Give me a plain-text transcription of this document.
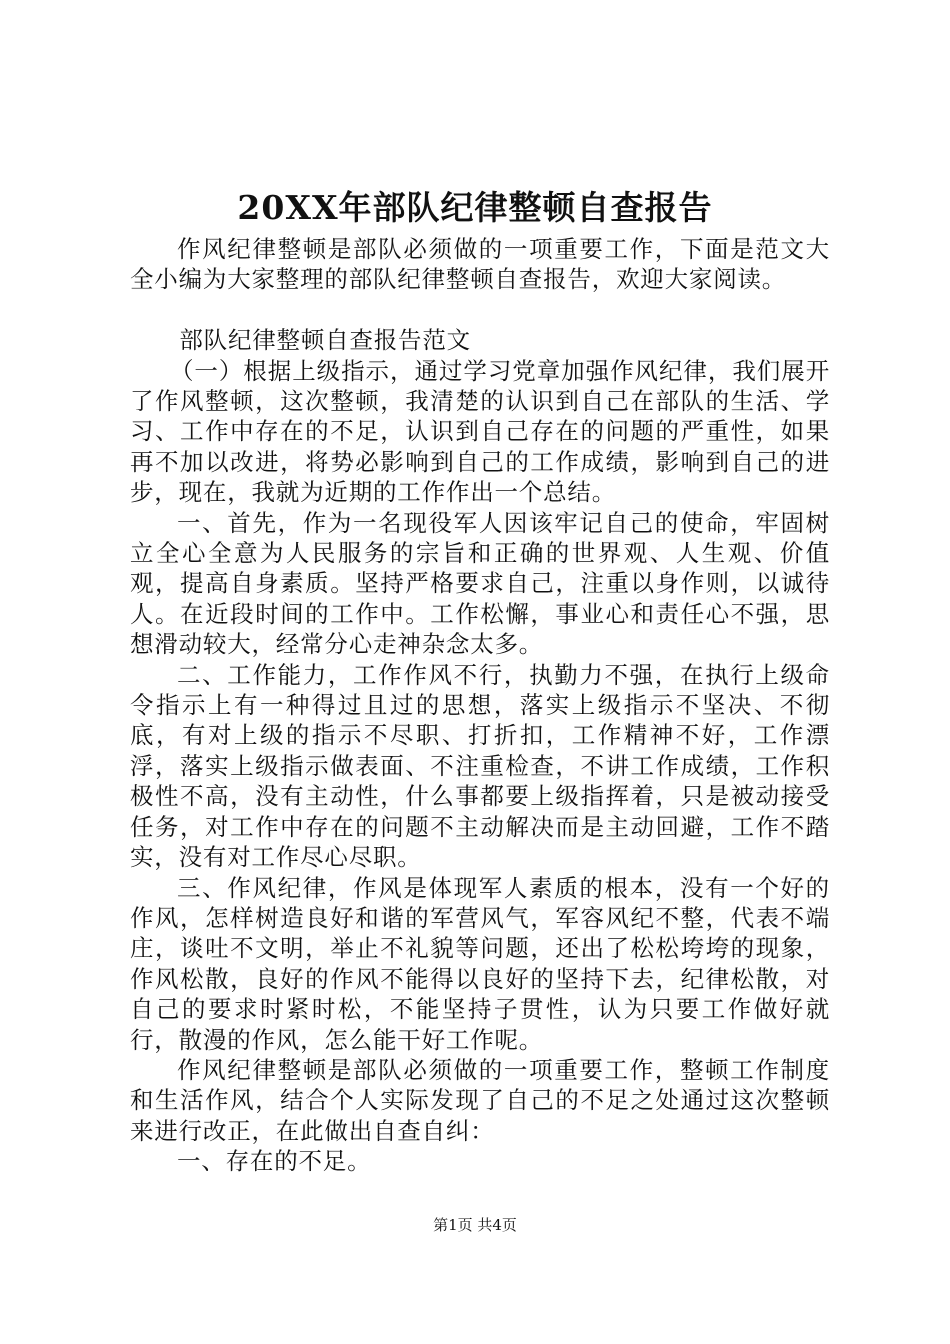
20XX年部队纪律整顿自查报告

作风纪律整顿是部队必须做的一项重要工作，下面是范文大全小编为大家整理的部队纪律整顿自查报告，欢迎大家阅读。

部队纪律整顿自查报告范文

（一）根据上级指示，通过学习党章加强作风纪律，我们展开了作风整顿，这次整顿，我清楚的认识到自己在部队的生活、学习、工作中存在的不足，认识到自己存在的问题的严重性，如果再不加以改进，将势必影响到自己的工作成绩，影响到自己的进步，现在，我就为近期的工作作出一个总结。

一、首先，作为一名现役军人因该牢记自己的使命，牢固树立全心全意为人民服务的宗旨和正确的世界观、人生观、价值观，提高自身素质。坚持严格要求自己，注重以身作则，以诚待人。在近段时间的工作中。工作松懈，事业心和责任心不强，思想滑动较大，经常分心走神杂念太多。

二、工作能力，工作作风不行，执勤力不强，在执行上级命令指示上有一种得过且过的思想，落实上级指示不坚决、不彻底，有对上级的指示不尽职、打折扣，工作精神不好，工作漂浮，落实上级指示做表面、不注重检查，不讲工作成绩，工作积极性不高，没有主动性，什么事都要上级指挥着，只是被动接受任务，对工作中存在的问题不主动解决而是主动回避，工作不踏实，没有对工作尽心尽职。

三、作风纪律，作风是体现军人素质的根本，没有一个好的作风，怎样树造良好和谐的军营风气，军容风纪不整，代表不端庄，谈吐不文明，举止不礼貌等问题，还出了松松垮垮的现象，作风松散，良好的作风不能得以良好的坚持下去，纪律松散，对自己的要求时紧时松，不能坚持子贯性，认为只要工作做好就行，散漫的作风，怎么能干好工作呢。

作风纪律整顿是部队必须做的一项重要工作，整顿工作制度和生活作风，结合个人实际发现了自己的不足之处通过这次整顿来进行改正，在此做出自查自纠：

一、存在的不足。

第1页 共4页
